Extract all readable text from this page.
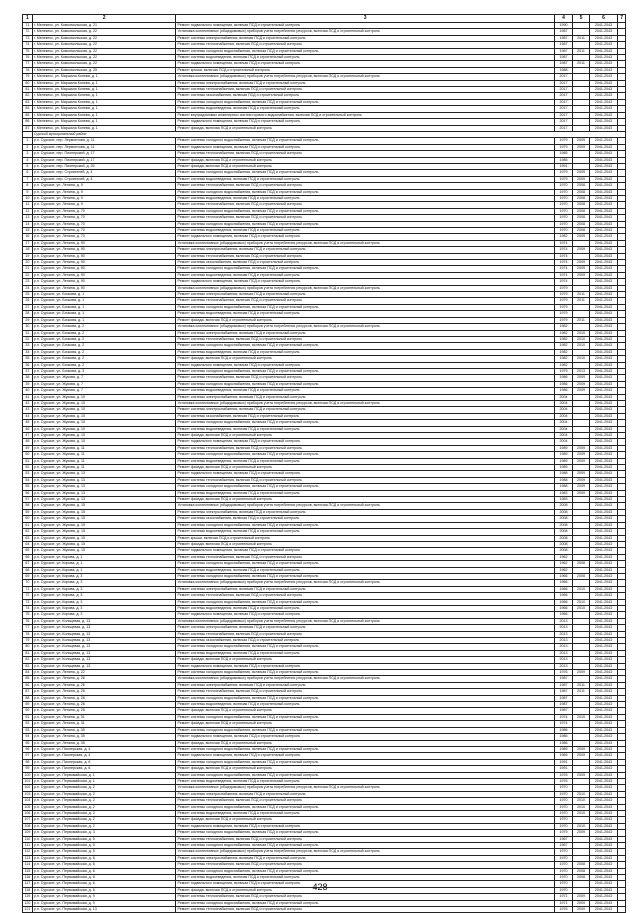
1	2	3	4	5	6	7
71	г. Мелекесс, ул. Комсомольская, д. 21	Ремонт подвального помещения, включая ПСД и строительный контроль	1990		2041-2043	
72	г. Мелекесс, ул. Комсомольская, д. 22	Установка коллективных (общедомовых) приборов учета потребления ресурсов, включая ПСД и строительный контроль	1987		2041-2043	
73	г. Мелекесс, ул. Комсомольская, д. 22	Ремонт системы электроснабжения, включая ПСД и строительный контроль	1987	2011	2041-2043	
74	г. Мелекесс, ул. Комсомольская, д. 22	Ремонт системы теплоснабжения, включая ПСД и строительный контроль	1987		2041-2043	
75	г. Мелекесс, ул. Комсомольская, д. 22	Ремонт системы холодного водоснабжения, включая ПСД и строительный контроль	1987	2011	2041-2043	
76	г. Мелекесс, ул. Комсомольская, д. 22	Ремонт системы водоотведения, включая ПСД и строительный контроль	1987		2041-2043	
77	г. Мелекесс, ул. Комсомольская, д. 22	Ремонт подвального помещения, включая ПСД и строительный контроль	1987	2011	2041-2043	
78	г. Мелекесс, ул. Комсомольская, д. 25	Ремонт крыши, включая ПСД и строительный контроль	1988		2041-2043	
79	г. Мелекесс, ул. Маршала Конева, д. 1	Установка коллективных (общедомовых) приборов учета потребления ресурсов, включая ПСД и строительный контроль	2017		2041-2043	
80	г. Мелекесс, ул. Маршала Конева, д. 1	Ремонт системы электроснабжения, включая ПСД и строительный контроль	2017		2041-2043	
81	г. Мелекесс, ул. Маршала Конева, д. 1	Ремонт системы теплоснабжения, включая ПСД и строительный контроль	2017		2041-2043	
82	г. Мелекесс, ул. Маршала Конева, д. 1	Ремонт системы газоснабжения, включая ПСД и строительный контроль	2017		2041-2043	
83	г. Мелекесс, ул. Маршала Конева, д. 1	Ремонт системы холодного водоснабжения, включая ПСД и строительный контроль	2017		2041-2043	
84	г. Мелекесс, ул. Маршала Конева, д. 1	Ремонт системы водоотведения, включая ПСД и строительный контроль	2017		2041-2043	
85	г. Мелекесс, ул. Маршала Конева, д. 1	Ремонт внутридомовых инженерных систем горячего водоснабжения, включая ПСД и строительный контроль	2017		2041-2043	
86	г. Мелекесс, ул. Маршала Конева, д. 1	Ремонт подвального помещения, включая ПСД и строительный контроль	2017		2041-2043	
87	г. Мелекесс, ул. Маршала Конева, д. 1	Ремонт фасада, включая ПСД и строительный контроль	2017		2041-2043	
	Сурский муниципальный район					
1	р.п. Сурское, пер. Лермонтова, д. 11	Ремонт системы холодного водоснабжения, включая ПСД и строительный контроль	1979	2009	2041-2043	
2	р.п. Сурское, пер. Лермонтова, д. 11	Ремонт подвального помещения, включая ПСД и строительный контроль	1979	2009	2041-2043	
3	р.п. Сурское, пер. Пионерский, д. 17	Ремонт системы теплоснабжения, включая ПСД и строительный контроль	1985		2041-2043	
4	р.п. Сурское, пер. Пионерский, д. 17	Ремонт фасада, включая ПСД и строительный контроль	1985		2041-2043	
5	р.п. Сурское, пер. Пионерский, д. 26	Ремонт фасада, включая ПСД и строительный контроль	1991		2041-2043	
6	р.п. Сурское, пер. Строителей, д. 4	Ремонт системы холодного водоснабжения, включая ПСД и строительный контроль	1979	2009	2041-2043	
7	р.п. Сурское, пер. Строителей, д. 4	Ремонт системы водоотведения, включая ПСД и строительный контроль	1979	2009	2041-2043	
8	р.п. Сурское, ул. Ленина, д. 9	Ремонт системы теплоснабжения, включая ПСД и строительный контроль	1970	2008	2041-2043	
9	р.п. Сурское, ул. Ленина, д. 9	Ремонт системы холодного водоснабжения, включая ПСД и строительный контроль	1970	2008	2041-2043	
10	р.п. Сурское, ул. Ленина, д. 9	Ремонт системы водоотведения, включая ПСД и строительный контроль	1970	2008	2041-2043	
11	р.п. Сурское, ул. Ленина, д. 9	Ремонт системы теплоснабжения, включая ПСД и строительный контроль	1970	2008	2041-2043	
12	р.п. Сурское, ул. Ленина, д. 70	Ремонт системы холодного водоснабжения, включая ПСД и строительный контроль	1970	2008	2041-2043	
13	р.п. Сурское, ул. Ленина, д. 70	Ремонт системы теплоснабжения, включая ПСД и строительный контроль	1970	2008	2041-2043	
14	р.п. Сурское, ул. Ленина, д. 70	Ремонт системы холодного водоснабжения, включая ПСД и строительный контроль	1970	2008	2041-2043	
15	р.п. Сурское, ул. Ленина, д. 70	Ремонт системы водоотведения, включая ПСД и строительный контроль	1970	2008	2041-2043	
16	р.п. Сурское, ул. Ленина, д. 70	Ремонт подвального помещения, включая ПСД и строительный контроль	1982	2009	2041-2043	
17	р.п. Сурское, ул. Ленина, д. 90	Установка коллективных (общедомовых) приборов учета потребления ресурсов, включая ПСД и строительный контроль	1974		2041-2043	
18	р.п. Сурское, ул. Ленина, д. 90	Ремонт системы электроснабжения, включая ПСД и строительный контроль	1974	2009	2041-2043	
19	р.п. Сурское, ул. Ленина, д. 90	Ремонт системы теплоснабжения, включая ПСД и строительный контроль	1974		2041-2043	
20	р.п. Сурское, ул. Ленина, д. 90	Ремонт системы газоснабжения, включая ПСД и строительный контроль	1974	2009	2041-2043	
21	р.п. Сурское, ул. Ленина, д. 90	Ремонт системы холодного водоснабжения, включая ПСД и строительный контроль	1974	2009	2041-2043	
22	р.п. Сурское, ул. Ленина, д. 90	Ремонт системы водоотведения, включая ПСД и строительный контроль	1974	2009	2041-2043	
23	р.п. Сурское, ул. Ленина, д. 90	Ремонт подвального помещения, включая ПСД и строительный контроль	1974		2041-2043	
24	р.п. Сурское, ул. Ленина, д. 90	Установка коллективных (общедомовых) приборов учета потребления ресурсов, включая ПСД и строительный контроль	1979		2041-2043	
25	р.п. Сурское, ул. Бочкова, д. 1	Ремонт системы электроснабжения, включая ПСД и строительный контроль	1979	2011	2041-2043	
26	р.п. Сурское, ул. Бочкова, д. 1	Ремонт системы теплоснабжения, включая ПСД и строительный контроль	1979	2011	2041-2043	
27	р.п. Сурское, ул. Бочкова, д. 1	Ремонт системы холодного водоснабжения, включая ПСД и строительный контроль	1979		2041-2043	
28	р.п. Сурское, ул. Бочкова, д. 1	Ремонт системы водоотведения, включая ПСД и строительный контроль	1979		2041-2043	
29	р.п. Сурское, ул. Бочкова, д. 1	Ремонт фасада, включая ПСД и строительный контроль	1979	2011	2041-2043	
30	р.п. Сурское, ул. Бочкова, д. 2	Установка коллективных (общедомовых) приборов учета потребления ресурсов, включая ПСД и строительный контроль	1982		2041-2043	
31	р.п. Сурское, ул. Бочкова, д. 2	Ремонт системы электроснабжения, включая ПСД и строительный контроль	1982	2010	2041-2043	
32	р.п. Сурское, ул. Бочкова, д. 2	Ремонт системы теплоснабжения, включая ПСД и строительный контроль	1982	2010	2041-2043	
33	р.п. Сурское, ул. Бочкова, д. 2	Ремонт системы холодного водоснабжения, включая ПСД и строительный контроль	1982	2010	2041-2043	
34	р.п. Сурское, ул. Бочкова, д. 2	Ремонт системы водоотведения, включая ПСД и строительный контроль	1982		2041-2043	
35	р.п. Сурское, ул. Бочкова, д. 2	Ремонт фасада, включая ПСД и строительный контроль	1982	2010	2041-2043	
36	р.п. Сурское, ул. Бочкова, д. 2	Ремонт подвального помещения, включая ПСД и строительный контроль	1982		2041-2043	
37	р.п. Сурское, ул. Бочкова, д. 3	Ремонт системы холодного водоснабжения, включая ПСД и строительный контроль	1979	2013	2041-2043	
38	р.п. Сурское, ул. Жукова, д. 7	Ремонт системы теплоснабжения, включая ПСД и строительный контроль	1986	2009	2041-2043	
39	р.п. Сурское, ул. Жукова, д. 7	Ремонт системы холодного водоснабжения, включая ПСД и строительный контроль	1986	2009	2041-2043	
40	р.п. Сурское, ул. Жукова, д. 7	Ремонт системы водоотведения, включая ПСД и строительный контроль	1986	2009	2041-2043	
41	р.п. Сурское, ул. Жукова, д. 10	Ремонт системы электроснабжения, включая ПСД и строительный контроль	2004		2041-2043	
42	р.п. Сурское, ул. Жукова, д. 10	Установка коллективных (общедомовых) приборов учета потребления ресурсов, включая ПСД и строительный контроль	2004		2041-2043	
43	р.п. Сурское, ул. Жукова, д. 10	Ремонт системы электроснабжения, включая ПСД и строительный контроль	2004		2041-2043	
44	р.п. Сурское, ул. Жукова, д. 10	Ремонт системы газоснабжения, включая ПСД и строительный контроль	2004		2041-2043	
45	р.п. Сурское, ул. Жукова, д. 10	Ремонт системы холодного водоснабжения, включая ПСД и строительный контроль	2004		2041-2043	
46	р.п. Сурское, ул. Жукова, д. 10	Ремонт системы водоотведения, включая ПСД и строительный контроль	2004		2041-2043	
47	р.п. Сурское, ул. Жукова, д. 10	Ремонт фасада, включая ПСД и строительный контроль	2004		2041-2043	
48	р.п. Сурское, ул. Жукова, д. 10	Ремонт подвального помещения, включая ПСД и строительный контроль	2004		2041-2043	
49	р.п. Сурское, ул. Жукова, д. 11	Ремонт системы теплоснабжения, включая ПСД и строительный контроль	1989	2009	2041-2043	
50	р.п. Сурское, ул. Жукова, д. 11	Ремонт системы холодного водоснабжения, включая ПСД и строительный контроль	1989	2009	2041-2043	
51	р.п. Сурское, ул. Жукова, д. 11	Ремонт системы водоотведения, включая ПСД и строительный контроль	1989	2009	2041-2043	
52	р.п. Сурское, ул. Жукова, д. 11	Ремонт фасада, включая ПСД и строительный контроль	1989		2041-2043	
53	р.п. Сурское, ул. Жукова, д. 13	Ремонт подвального помещения, включая ПСД и строительный контроль	1988	2009	2041-2043	
54	р.п. Сурское, ул. Жукова, д. 13	Ремонт системы теплоснабжения, включая ПСД и строительный контроль	1988	2009	2041-2043	
55	р.п. Сурское, ул. Жукова, д. 13	Ремонт системы холодного водоснабжения, включая ПСД и строительный контроль	1988	2009	2041-2043	
56	р.п. Сурское, ул. Жукова, д. 13	Ремонт системы водоотведения, включая ПСД и строительный контроль	1983	2009	2041-2043	
57	р.п. Сурское, ул. Жукова, д. 13	Ремонт фасада, включая ПСД и строительный контроль	1983		2041-2043	
58	р.п. Сурское, ул. Жукова, д. 15	Установка коллективных (общедомовых) приборов учета потребления ресурсов, включая ПСД и строительный контроль	2008		2041-2043	
59	р.п. Сурское, ул. Жукова, д. 15	Ремонт системы электроснабжения, включая ПСД и строительный контроль	2008		2041-2043	
60	р.п. Сурское, ул. Жукова, д. 15	Ремонт системы газоснабжения, включая ПСД и строительный контроль	2008		2041-2043	
61	р.п. Сурское, ул. Жукова, д. 15	Ремонт системы холодного водоснабжения, включая ПСД и строительный контроль	2008		2041-2043	
62	р.п. Сурское, ул. Жукова, д. 15	Ремонт системы водоотведения, включая ПСД и строительный контроль	2008		2041-2043	
63	р.п. Сурское, ул. Жукова, д. 15	Ремонт крыши, включая ПСД и строительный контроль	2008		2041-2043	
64	р.п. Сурское, ул. Жукова, д. 15	Ремонт фасада, включая ПСД и строительный контроль	2008		2041-2043	
65	р.п. Сурское, ул. Жукова, д. 15	Ремонт подвального помещения, включая ПСД и строительный контроль	2008		2041-2043	
66	р.п. Сурское, ул. Кирова, д. 1	Ремонт системы теплоснабжения, включая ПСД и строительный контроль	1962		2041-2043	
67	р.п. Сурское, ул. Кирова, д. 1	Ремонт системы холодного водоснабжения, включая ПСД и строительный контроль	1962	2008	2041-2043	
68	р.п. Сурское, ул. Кирова, д. 1	Ремонт системы водоотведения, включая ПСД и строительный контроль	1962		2041-2043	
69	р.п. Сурское, ул. Кирова, д. 3	Ремонт системы холодного водоснабжения, включая ПСД и строительный контроль	1966	2008	2041-2043	
70	р.п. Сурское, ул. Кирова, д. 3	Установка коллективных (общедомовых) приборов учета потребления ресурсов, включая ПСД и строительный контроль	1966		2041-2043	
71	р.п. Сурское, ул. Кирова, д. 3	Ремонт системы электроснабжения, включая ПСД и строительный контроль	1966	2010	2041-2043	
72	р.п. Сурское, ул. Кирова, д. 3	Ремонт системы теплоснабжения, включая ПСД и строительный контроль	1966		2041-2043	
73	р.п. Сурское, ул. Кирова, д. 3	Ремонт системы холодного водоснабжения, включая ПСД и строительный контроль	1966	2010	2041-2043	
74	р.п. Сурское, ул. Кирова, д. 3	Ремонт системы водоотведения, включая ПСД и строительный контроль	1966	2010	2041-2043	
75	р.п. Сурское, ул. Кирова, д. 3	Ремонт подвального помещения, включая ПСД и строительный контроль	1966		2041-2043	
76	р.п. Сурское, ул. Кольцевая, д. 13	Установка коллективных (общедомовых) приборов учета потребления ресурсов, включая ПСД и строительный контроль	2013		2041-2043	
77	р.п. Сурское, ул. Кольцевая, д. 13	Ремонт системы электроснабжения, включая ПСД и строительный контроль	2013		2041-2043	
78	р.п. Сурское, ул. Кольцевая, д. 13	Ремонт системы теплоснабжения, включая ПСД и строительный контроль	2013		2041-2043	
79	р.п. Сурское, ул. Кольцевая, д. 13	Ремонт системы газоснабжения, включая ПСД и строительный контроль	2013		2041-2043	
80	р.п. Сурское, ул. Кольцевая, д. 13	Ремонт системы холодного водоснабжения, включая ПСД и строительный контроль	2013		2041-2043	
81	р.п. Сурское, ул. Кольцевая, д. 13	Ремонт системы водоотведения, включая ПСД и строительный контроль	2013		2041-2043	
82	р.п. Сурское, ул. Кольцевая, д. 13	Ремонт фасада, включая ПСД и строительный контроль	2013		2041-2043	
83	р.п. Сурское, ул. Кольцевая, д. 13	Ремонт подвального помещения, включая ПСД и строительный контроль	2013		2041-2043	
84	р.п. Сурское, ул. Ленина, д. 22	Ремонт системы холодного водоснабжения, включая ПСД и строительный контроль	1976	2009	2041-2043	
85	р.п. Сурское, ул. Ленина, д. 26	Установка коллективных (общедомовых) приборов учета потребления ресурсов, включая ПСД и строительный контроль	1987		2041-2043	
86	р.п. Сурское, ул. Ленина, д. 26	Ремонт системы электроснабжения, включая ПСД и строительный контроль	1987	2011	2041-2043	
87	р.п. Сурское, ул. Ленина, д. 26	Ремонт системы теплоснабжения, включая ПСД и строительный контроль	1987	2011	2041-2043	
88	р.п. Сурское, ул. Ленина, д. 26	Ремонт системы холодного водоснабжения, включая ПСД и строительный контроль	1987		2041-2043	
89	р.п. Сурское, ул. Ленина, д. 26	Ремонт системы водоотведения, включая ПСД и строительный контроль	1987		2041-2043	
90	р.п. Сурское, ул. Ленина, д. 26	Ремонт фасада, включая ПСД и строительный контроль	1987		2041-2043	
91	р.п. Сурское, ул. Ленина, д. 31	Ремонт системы холодного водоснабжения, включая ПСД и строительный контроль	1974	2010	2041-2043	
92	р.п. Сурское, ул. Ленина, д. 31	Ремонт фасада, включая ПСД и строительный контроль	1974		2041-2043	
93	р.п. Сурское, ул. Ленина, д. 35	Ремонт системы холодного водоснабжения, включая ПСД и строительный контроль	1986		2041-2043	
94	р.п. Сурское, ул. Ленина, д. 35	Ремонт подвального помещения, включая ПСД и строительный контроль	1986		2041-2043	
95	р.п. Сурское, ул. Ленина, д. 35	Ремонт фасада, включая ПСД и строительный контроль	1986		2041-2043	
96	р.п. Сурское, ул. Пионерская, д. 4	Ремонт системы холодного водоснабжения, включая ПСД и строительный контроль	1989	2009	2041-2043	
97	р.п. Сурское, ул. Пионерская, д. 4	Ремонт подвального помещения, включая ПСД и строительный контроль	1989	2009	2041-2043	
98	р.п. Сурское, ул. Пионерская, д. 6	Ремонт системы холодного водоснабжения, включая ПСД и строительный контроль	1991		2041-2043	
99	р.п. Сурское, ул. Пионерская, д. 6	Ремонт фасада, включая ПСД и строительный контроль	1991		2041-2043	
100	р.п. Сурское, ул. Первомайская, д. 1	Ремонт системы холодного водоснабжения, включая ПСД и строительный контроль	1976	2009	2041-2043	
101	р.п. Сурское, ул. Первомайская, д. 1	Ремонт системы водоотведения, включая ПСД и строительный контроль	1976		2041-2043	
102	р.п. Сурское, ул. Первомайская, д. 2	Установка коллективных (общедомовых) приборов учета потребления ресурсов, включая ПСД и строительный контроль	1970		2041-2043	
103	р.п. Сурское, ул. Первомайская, д. 2	Ремонт системы электроснабжения, включая ПСД и строительный контроль	1970	2010	2041-2043	
104	р.п. Сурское, ул. Первомайская, д. 2	Ремонт системы теплоснабжения, включая ПСД и строительный контроль	1970	2010	2041-2043	
105	р.п. Сурское, ул. Первомайская, д. 2	Ремонт системы холодного водоснабжения, включая ПСД и строительный контроль	1970	2010	2041-2043	
106	р.п. Сурское, ул. Первомайская, д. 2	Ремонт системы водоотведения, включая ПСД и строительный контроль	1970	2010	2041-2043	
107	р.п. Сурское, ул. Первомайская, д. 2	Ремонт фасада, включая ПСД и строительный контроль	1970		2041-2043	
108	р.п. Сурское, ул. Первомайская, д. 2	Ремонт подвального помещения, включая ПСД и строительный контроль	1970	2010	2041-2043	
109	р.п. Сурское, ул. Первомайская, д. 3	Ремонт системы холодного водоснабжения, включая ПСД и строительный контроль	1979	2009	2041-2043	
110	р.п. Сурское, ул. Первомайская, д. 5	Ремонт системы теплоснабжения, включая ПСД и строительный контроль	1967		2041-2043	
111	р.п. Сурское, ул. Первомайская, д. 5	Ремонт системы холодного водоснабжения, включая ПСД и строительный контроль	1967		2041-2043	
112	р.п. Сурское, ул. Первомайская, д. 5	Установка коллективных (общедомовых) приборов учета потребления ресурсов, включая ПСД и строительный контроль	1970		2041-2043	
113	р.п. Сурское, ул. Первомайская, д. 6	Ремонт системы электроснабжения, включая ПСД и строительный контроль	1970		2041-2043	
114	р.п. Сурское, ул. Первомайская, д. 6	Ремонт системы теплоснабжения, включая ПСД и строительный контроль	1970	2008	2041-2043	
115	р.п. Сурское, ул. Первомайская, д. 6	Ремонт системы холодного водоснабжения, включая ПСД и строительный контроль	1970	2008	2041-2043	
116	р.п. Сурское, ул. Первомайская, д. 6	Ремонт системы водоотведения, включая ПСД и строительный контроль	1970	2008	2041-2043	
117	р.п. Сурское, ул. Первомайская, д. 6	Ремонт подвального помещения, включая ПСД и строительный контроль	1970		2041-2043	
118	р.п. Сурское, ул. Первомайская, д. 6	Ремонт фасада, включая ПСД и строительный контроль	1970		2041-2043	
119	р.п. Сурское, ул. Первомайская, д. 9	Ремонт системы теплоснабжения, включая ПСД и строительный контроль	1971	2009	2041-2043	
120	р.п. Сурское, ул. Первомайская, д. 9	Ремонт системы холодного водоснабжения, включая ПСД и строительный контроль	1971	2009	2041-2043	
121	р.п. Сурское, ул. Первомайская, д. 13	Ремонт системы теплоснабжения, включая ПСД и строительный контроль	1976	2009	2041-2043	
428
